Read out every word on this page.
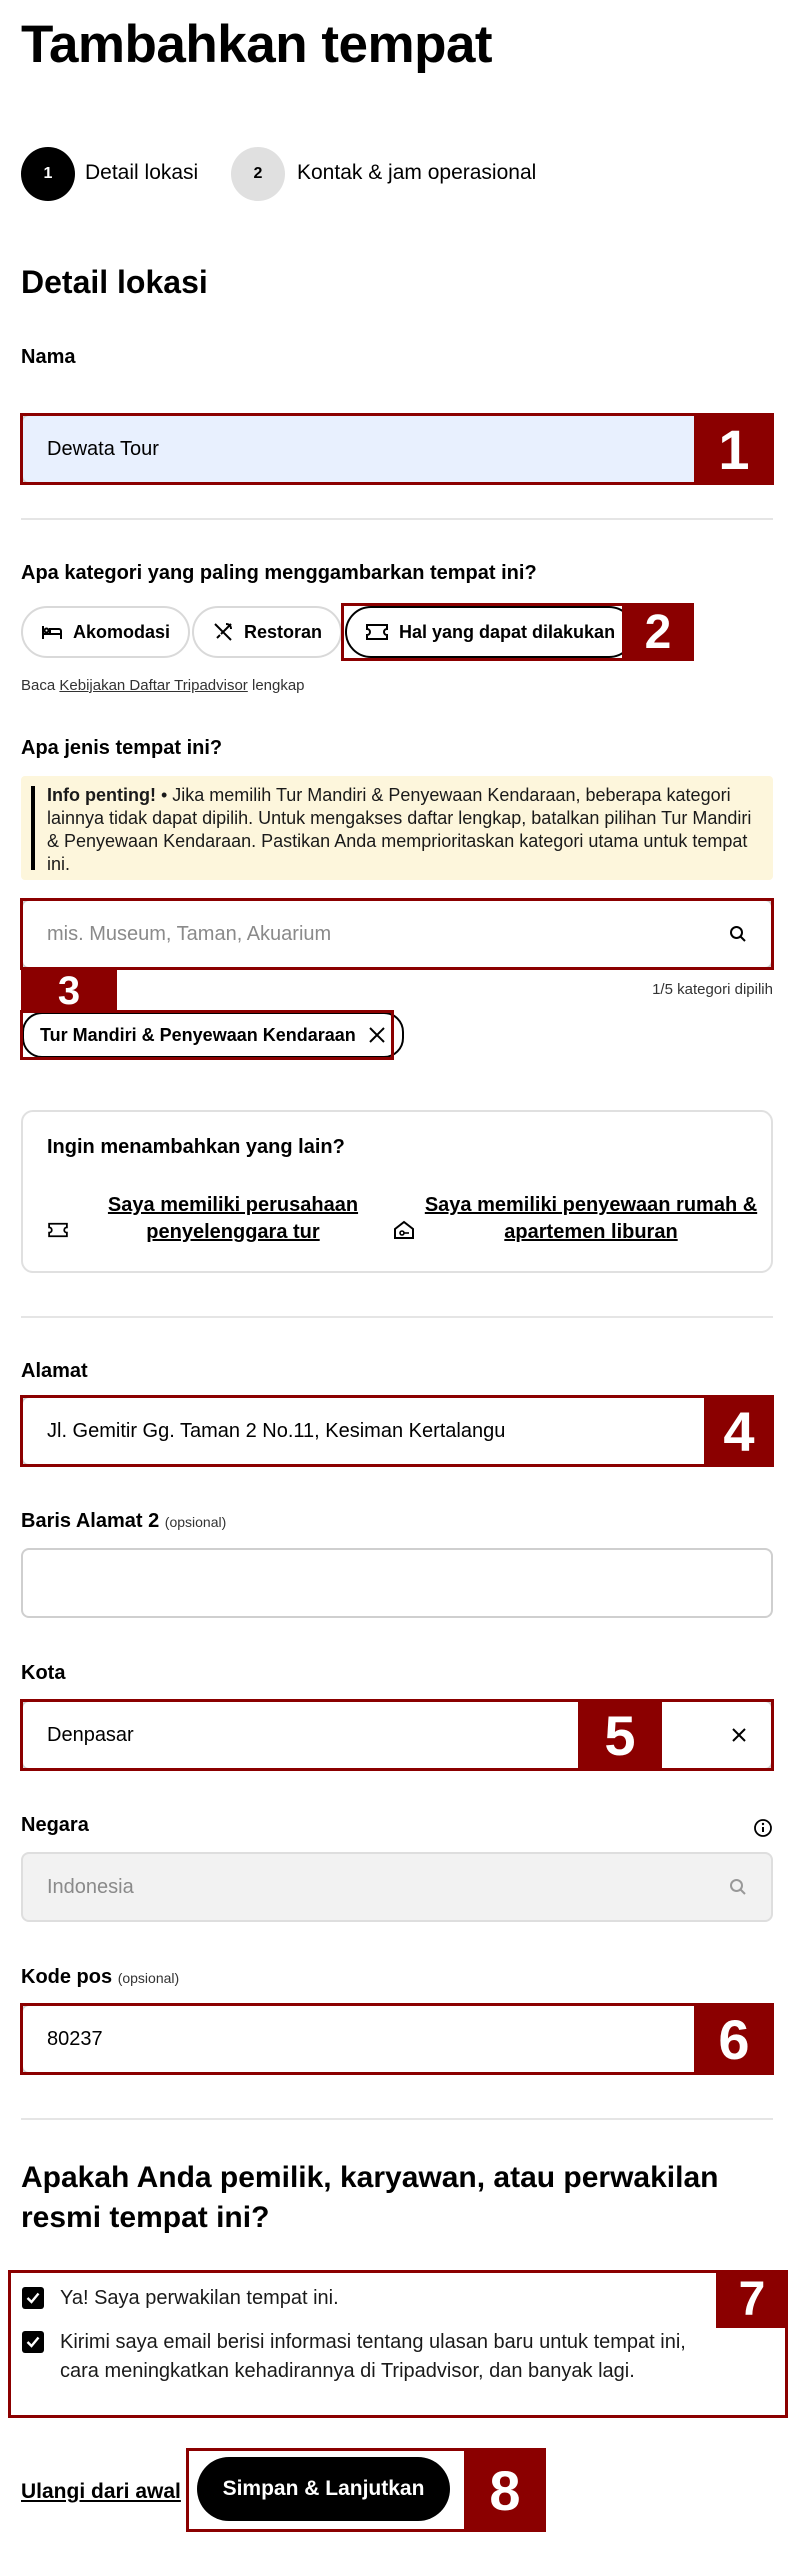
Tambahkan tempat
1	Detail lokasi	2	Kontak & jam operasional
Detail lokasi
Nama
Dewata Tour	1
Apa kategori yang paling menggambarkan tempat ini?
Akomodasi	Restoran	Hal yang dapat dilakukan 2
Baca Kebijakan Daftar Tripadvisor lengkap
Apa jenis tempat ini?
Info penting! • Jika memilih Tur Mandiri & Penyewaan Kendaraan, beberapa kategori lainnya tidak dapat dipilih. Untuk mengakses daftar lengkap, batalkan pilihan Tur Mandiri & Penyewaan Kendaraan. Pastikan Anda memprioritaskan kategori utama untuk tempat ini.
mis. Museum, Taman, Akuarium
3	1/5 kategori dipilih
Tur Mandiri & Penyewaan Kendaraan
Ingin menambahkan yang lain?
Saya memiliki perusahaan
penyelenggara tur
Saya memiliki penyewaan rumah &
apartemen liburan
Alamat
Jl. Gemitir Gg. Taman 2 No.11, Kesiman Kertalangu	4
Baris Alamat 2 (opsional)
Kota
Denpasar	5
Negara
Indonesia
Kode pos (opsional)
80237	6
Apakah Anda pemilik, karyawan, atau perwakilan
resmi tempat ini?
7
Ya! Saya perwakilan tempat ini.
Kirimi saya email berisi informasi tentang ulasan baru untuk tempat ini,
cara meningkatkan kehadirannya di Tripadvisor, dan banyak lagi.
Ulangi dari awal	Simpan & Lanjutkan	8
